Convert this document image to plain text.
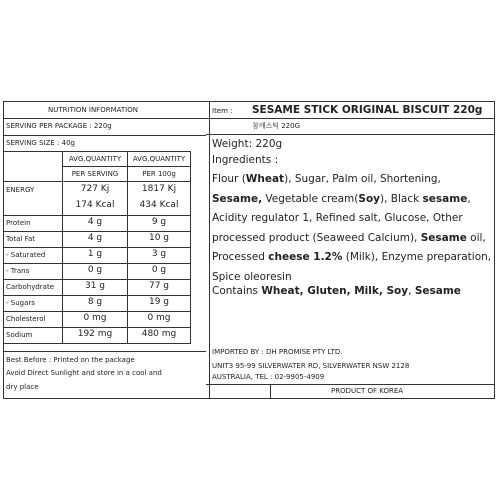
NUTRITION INFORMATION
SERVING PER PACKAGE : 220g
SERVING SIZE : 40g
AVG.QUANTITY
PER SERVING
AVG.QUANTITY
PER 100g
ENERGY	727 Kj	1817 Kj
174 Kcal	434 Kcal
Protein	4 g	9 g
Total Fat	4 g	10 g
- Saturated	1 g	3 g
- Trans	0 g	0 g
Carbohydrate	31 g	77 g
- Sugars	8 g	19 g
Cholesterol	0 mg	0 mg
Sodium	192 mg	480 mg
Best Before : Printed on the package
Avoid Direct Sunlight and store in a cool and
dry place
Item : SESAME STICK ORIGINAL BISCUIT 220g
참깨스틱 220G
Weight: 220g
Ingredients :
Flour (Wheat), Sugar, Palm oil, Shortening, Sesame, Vegetable cream(Soy), Black sesame, Acidity regulator 1, Refined salt, Glucose, Other processed product (Seaweed Calcium), Sesame oil, Processed cheese 1.2% (Milk), Enzyme preparation, Spice oleoresin
Contains Wheat, Gluten, Milk, Soy, Sesame
IMPORTED BY : DH PROMISE PTY LTD.
UNIT3 95-99 SILVERWATER RD, SILVERWATER NSW 2128
AUSTRALIA, TEL : 02-9905-4909
PRODUCT OF KOREA
